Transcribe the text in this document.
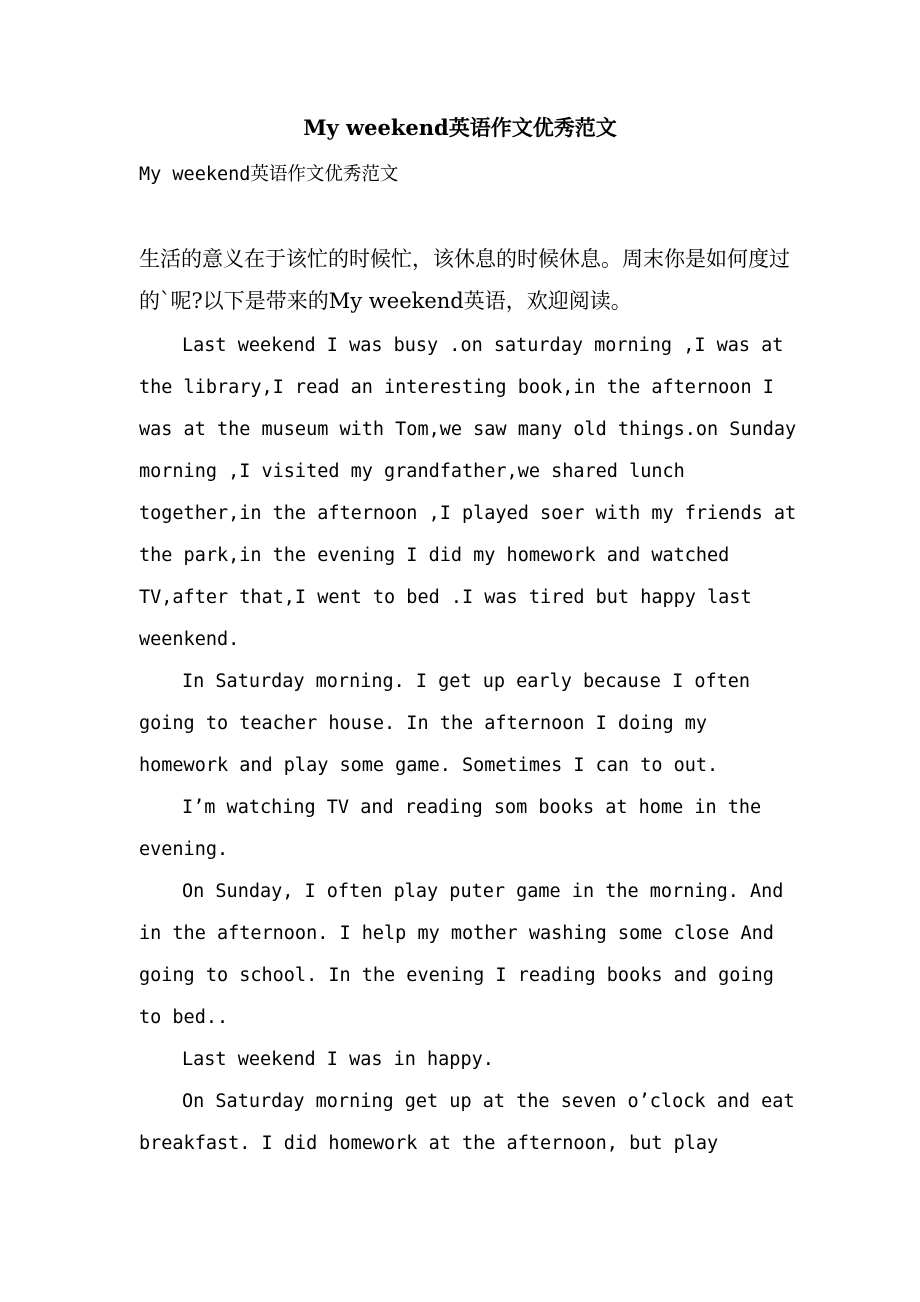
My weekend英语作文优秀范文
My weekend英语作文优秀范文
生活的意义在于该忙的时候忙，该休息的时候休息。周末你是如何度过的`呢?以下是带来的My weekend英语，欢迎阅读。

Last weekend I was busy .on saturday morning ,I was at the library,I read an interesting book,in the afternoon I was at the museum with Tom,we saw many old things.on Sunday morning ,I visited my grandfather,we shared lunch together,in the afternoon ,I played soer with my friends at the park,in the evening I did my homework and watched TV,after that,I went to bed .I was tired but happy last weenkend.

In Saturday morning. I get up early because I often going to teacher house. In the afternoon I doing my homework and play some game. Sometimes I can to out.

I’m watching TV and reading som books at home in the evening.

On Sunday, I often play puter game in the morning. And in the afternoon. I help my mother washing some close And going to school. In the evening I reading books and going to bed..

Last weekend I was in happy.

On Saturday morning get up at the seven o’clock and eat breakfast. I did homework at the afternoon, but play
